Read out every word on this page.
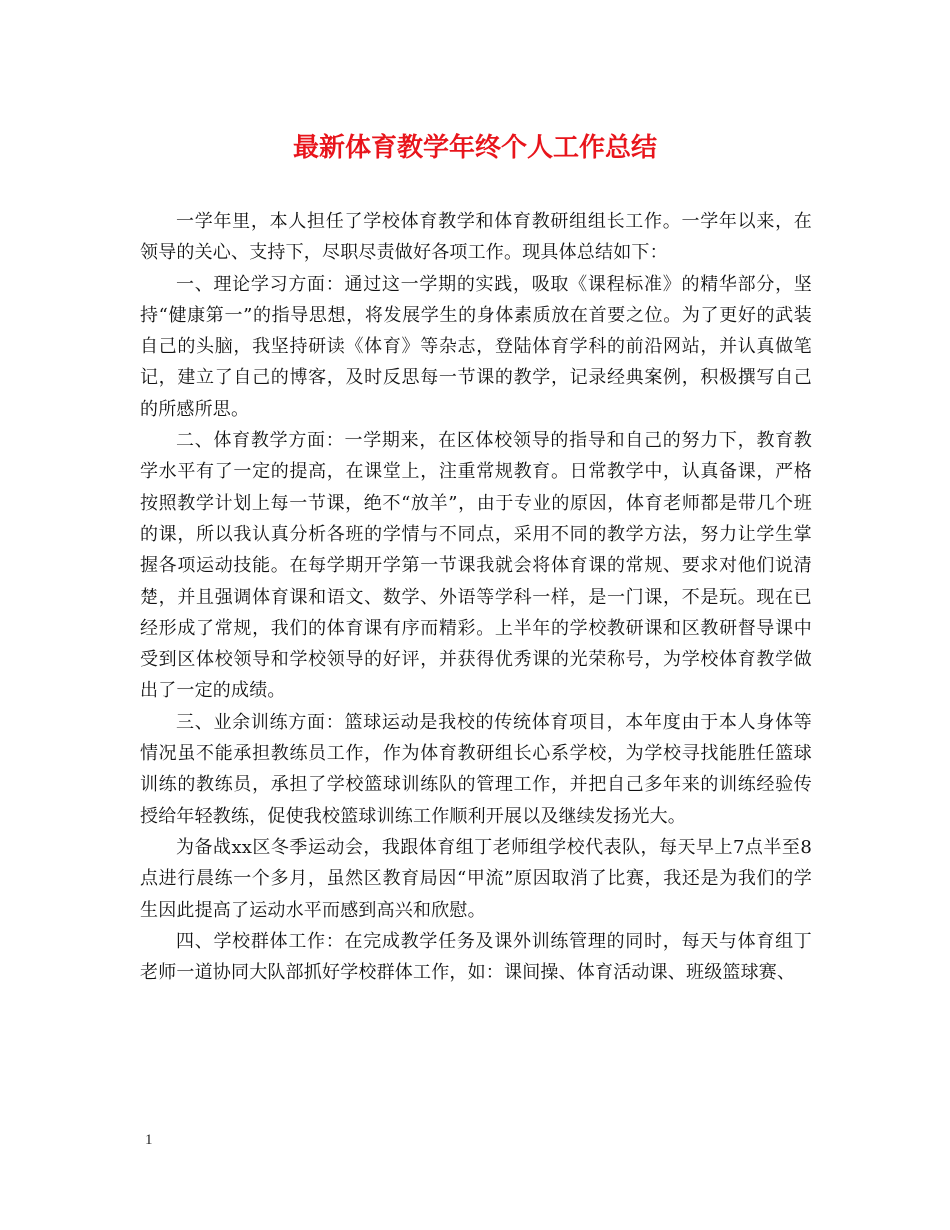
最新体育教学年终个人工作总结

一学年里，本人担任了学校体育教学和体育教研组组长工作。一学年以来，在领导的关心、支持下，尽职尽责做好各项工作。现具体总结如下：

一、理论学习方面：通过这一学期的实践，吸取《课程标准》的精华部分，坚持“健康第一”的指导思想，将发展学生的身体素质放在首要之位。为了更好的武装自己的头脑，我坚持研读《体育》等杂志，登陆体育学科的前沿网站，并认真做笔记，建立了自己的博客，及时反思每一节课的教学，记录经典案例，积极撰写自己的所感所思。

二、体育教学方面：一学期来，在区体校领导的指导和自己的努力下，教育教学水平有了一定的提高，在课堂上，注重常规教育。日常教学中，认真备课，严格按照教学计划上每一节课，绝不“放羊”，由于专业的原因，体育老师都是带几个班的课，所以我认真分析各班的学情与不同点，采用不同的教学方法，努力让学生掌握各项运动技能。在每学期开学第一节课我就会将体育课的常规、要求对他们说清楚，并且强调体育课和语文、数学、外语等学科一样，是一门课，不是玩。现在已经形成了常规，我们的体育课有序而精彩。上半年的学校教研课和区教研督导课中受到区体校领导和学校领导的好评，并获得优秀课的光荣称号，为学校体育教学做出了一定的成绩。

三、业余训练方面：篮球运动是我校的传统体育项目，本年度由于本人身体等情况虽不能承担教练员工作，作为体育教研组长心系学校，为学校寻找能胜任篮球训练的教练员，承担了学校篮球训练队的管理工作，并把自己多年来的训练经验传授给年轻教练，促使我校篮球训练工作顺利开展以及继续发扬光大。

为备战xx区冬季运动会，我跟体育组丁老师组学校代表队，每天早上7点半至8点进行晨练一个多月，虽然区教育局因“甲流”原因取消了比赛，我还是为我们的学生因此提高了运动水平而感到高兴和欣慰。

四、学校群体工作：在完成教学任务及课外训练管理的同时，每天与体育组丁老师一道协同大队部抓好学校群体工作，如：课间操、体育活动课、班级篮球赛、

1
